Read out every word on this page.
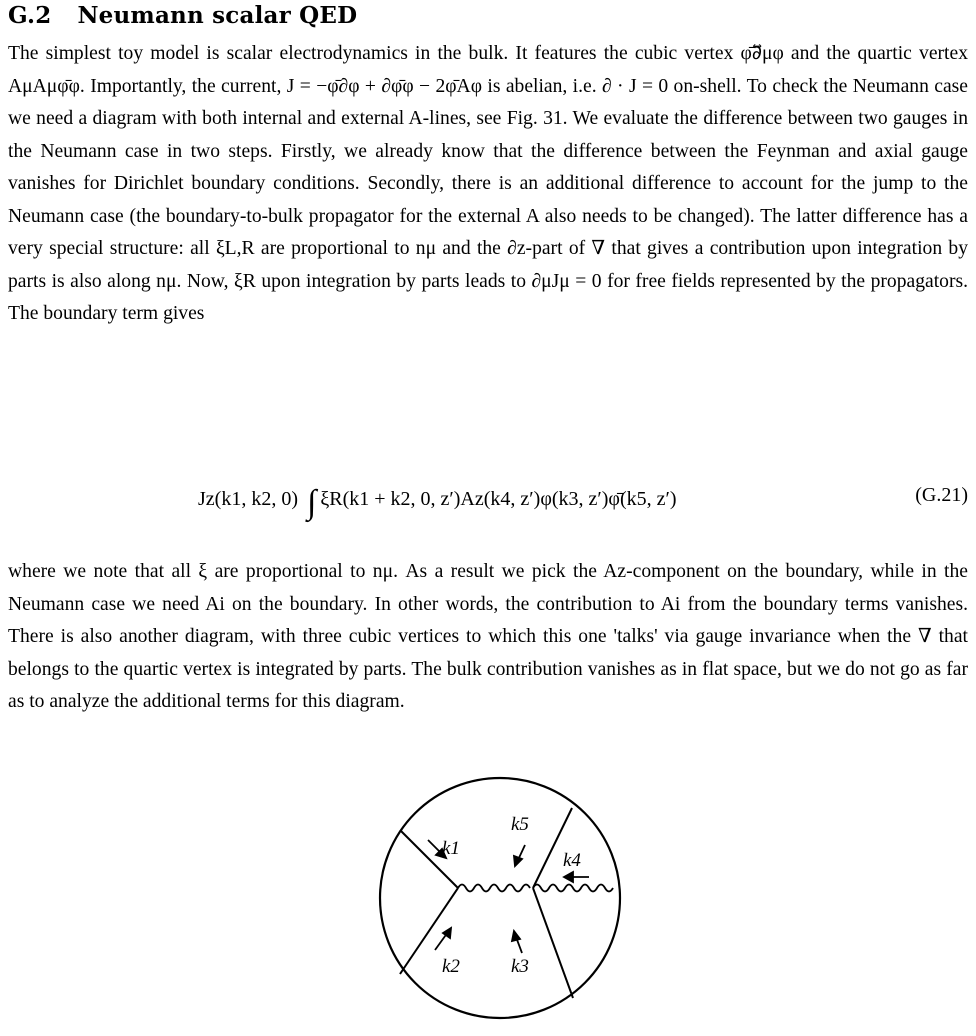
G.2 Neumann scalar QED
The simplest toy model is scalar electrodynamics in the bulk. It features the cubic vertex φ̄∂⃡μφ and the quartic vertex AμAμφ̄φ. Importantly, the current, J = −φ̄∂φ + ∂φ̄φ − 2φ̄Aφ is abelian, i.e. ∂ · J = 0 on-shell. To check the Neumann case we need a diagram with both internal and external A-lines, see Fig. 31. We evaluate the difference between two gauges in the Neumann case in two steps. Firstly, we already know that the difference between the Feynman and axial gauge vanishes for Dirichlet boundary conditions. Secondly, there is an additional difference to account for the jump to the Neumann case (the boundary-to-bulk propagator for the external A also needs to be changed). The latter difference has a very special structure: all ξL,R are proportional to nμ and the ∂z-part of ∇ that gives a contribution upon integration by parts is also along nμ. Now, ξR upon integration by parts leads to ∂μJμ = 0 for free fields represented by the propagators. The boundary term gives
Jz(k1, k2, 0) ∫ ξR(k1 + k2, 0, z′)Az(k4, z′)φ(k3, z′)φ̄(k5, z′)	(G.21)
where we note that all ξ are proportional to nμ. As a result we pick the Az-component on the boundary, while in the Neumann case we need Ai on the boundary. In other words, the contribution to Ai from the boundary terms vanishes. There is also another diagram, with three cubic vertices to which this one 'talks' via gauge invariance when the ∇ that belongs to the quartic vertex is integrated by parts. The bulk contribution vanishes as in flat space, but we do not go as far as to analyze the additional terms for this diagram.
k1
k5
k4
k2	k3
